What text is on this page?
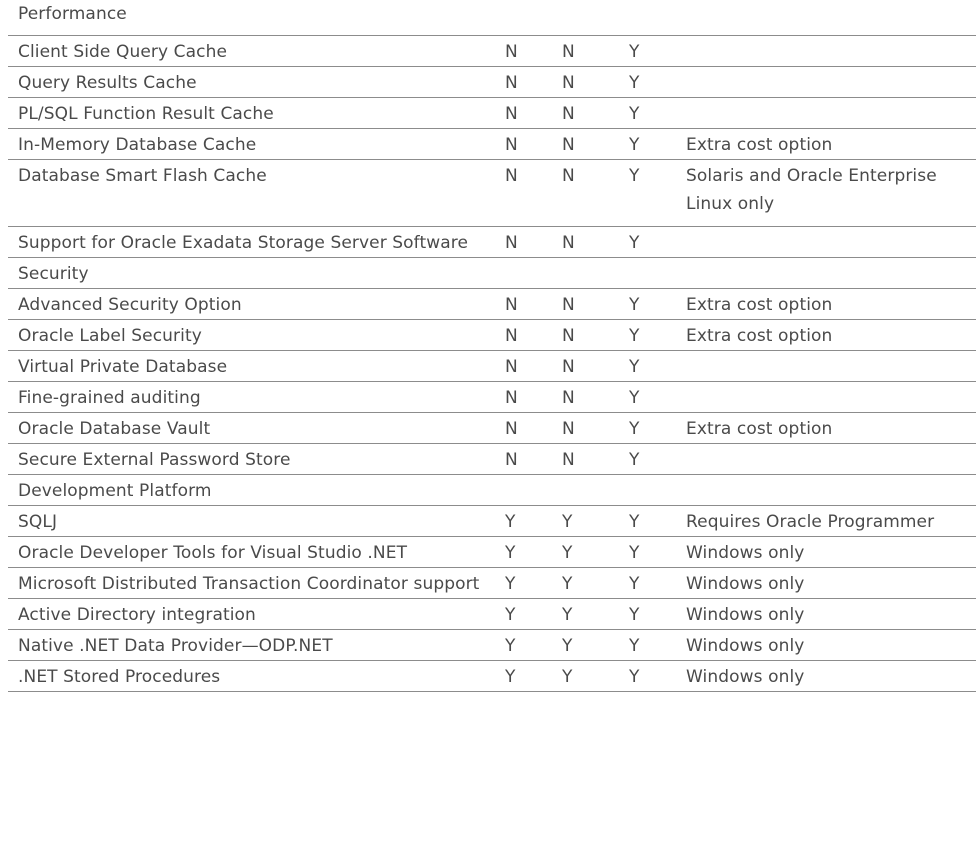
Performance				
Client Side Query Cache	N	N	Y	
Query Results Cache	N	N	Y	
PL/SQL Function Result Cache	N	N	Y	
In-Memory Database Cache	N	N	Y	Extra cost option
Database Smart Flash Cache	N	N	Y	Solaris and Oracle Enterprise Linux only
Support for Oracle Exadata Storage Server Software	N	N	Y	
Security				
Advanced Security Option	N	N	Y	Extra cost option
Oracle Label Security	N	N	Y	Extra cost option
Virtual Private Database	N	N	Y	
Fine-grained auditing	N	N	Y	
Oracle Database Vault	N	N	Y	Extra cost option
Secure External Password Store	N	N	Y	
Development Platform				
SQLJ	Y	Y	Y	Requires Oracle Programmer
Oracle Developer Tools for Visual Studio .NET	Y	Y	Y	Windows only
Microsoft Distributed Transaction Coordinator support	Y	Y	Y	Windows only
Active Directory integration	Y	Y	Y	Windows only
Native .NET Data Provider—ODP.NET	Y	Y	Y	Windows only
.NET Stored Procedures	Y	Y	Y	Windows only
